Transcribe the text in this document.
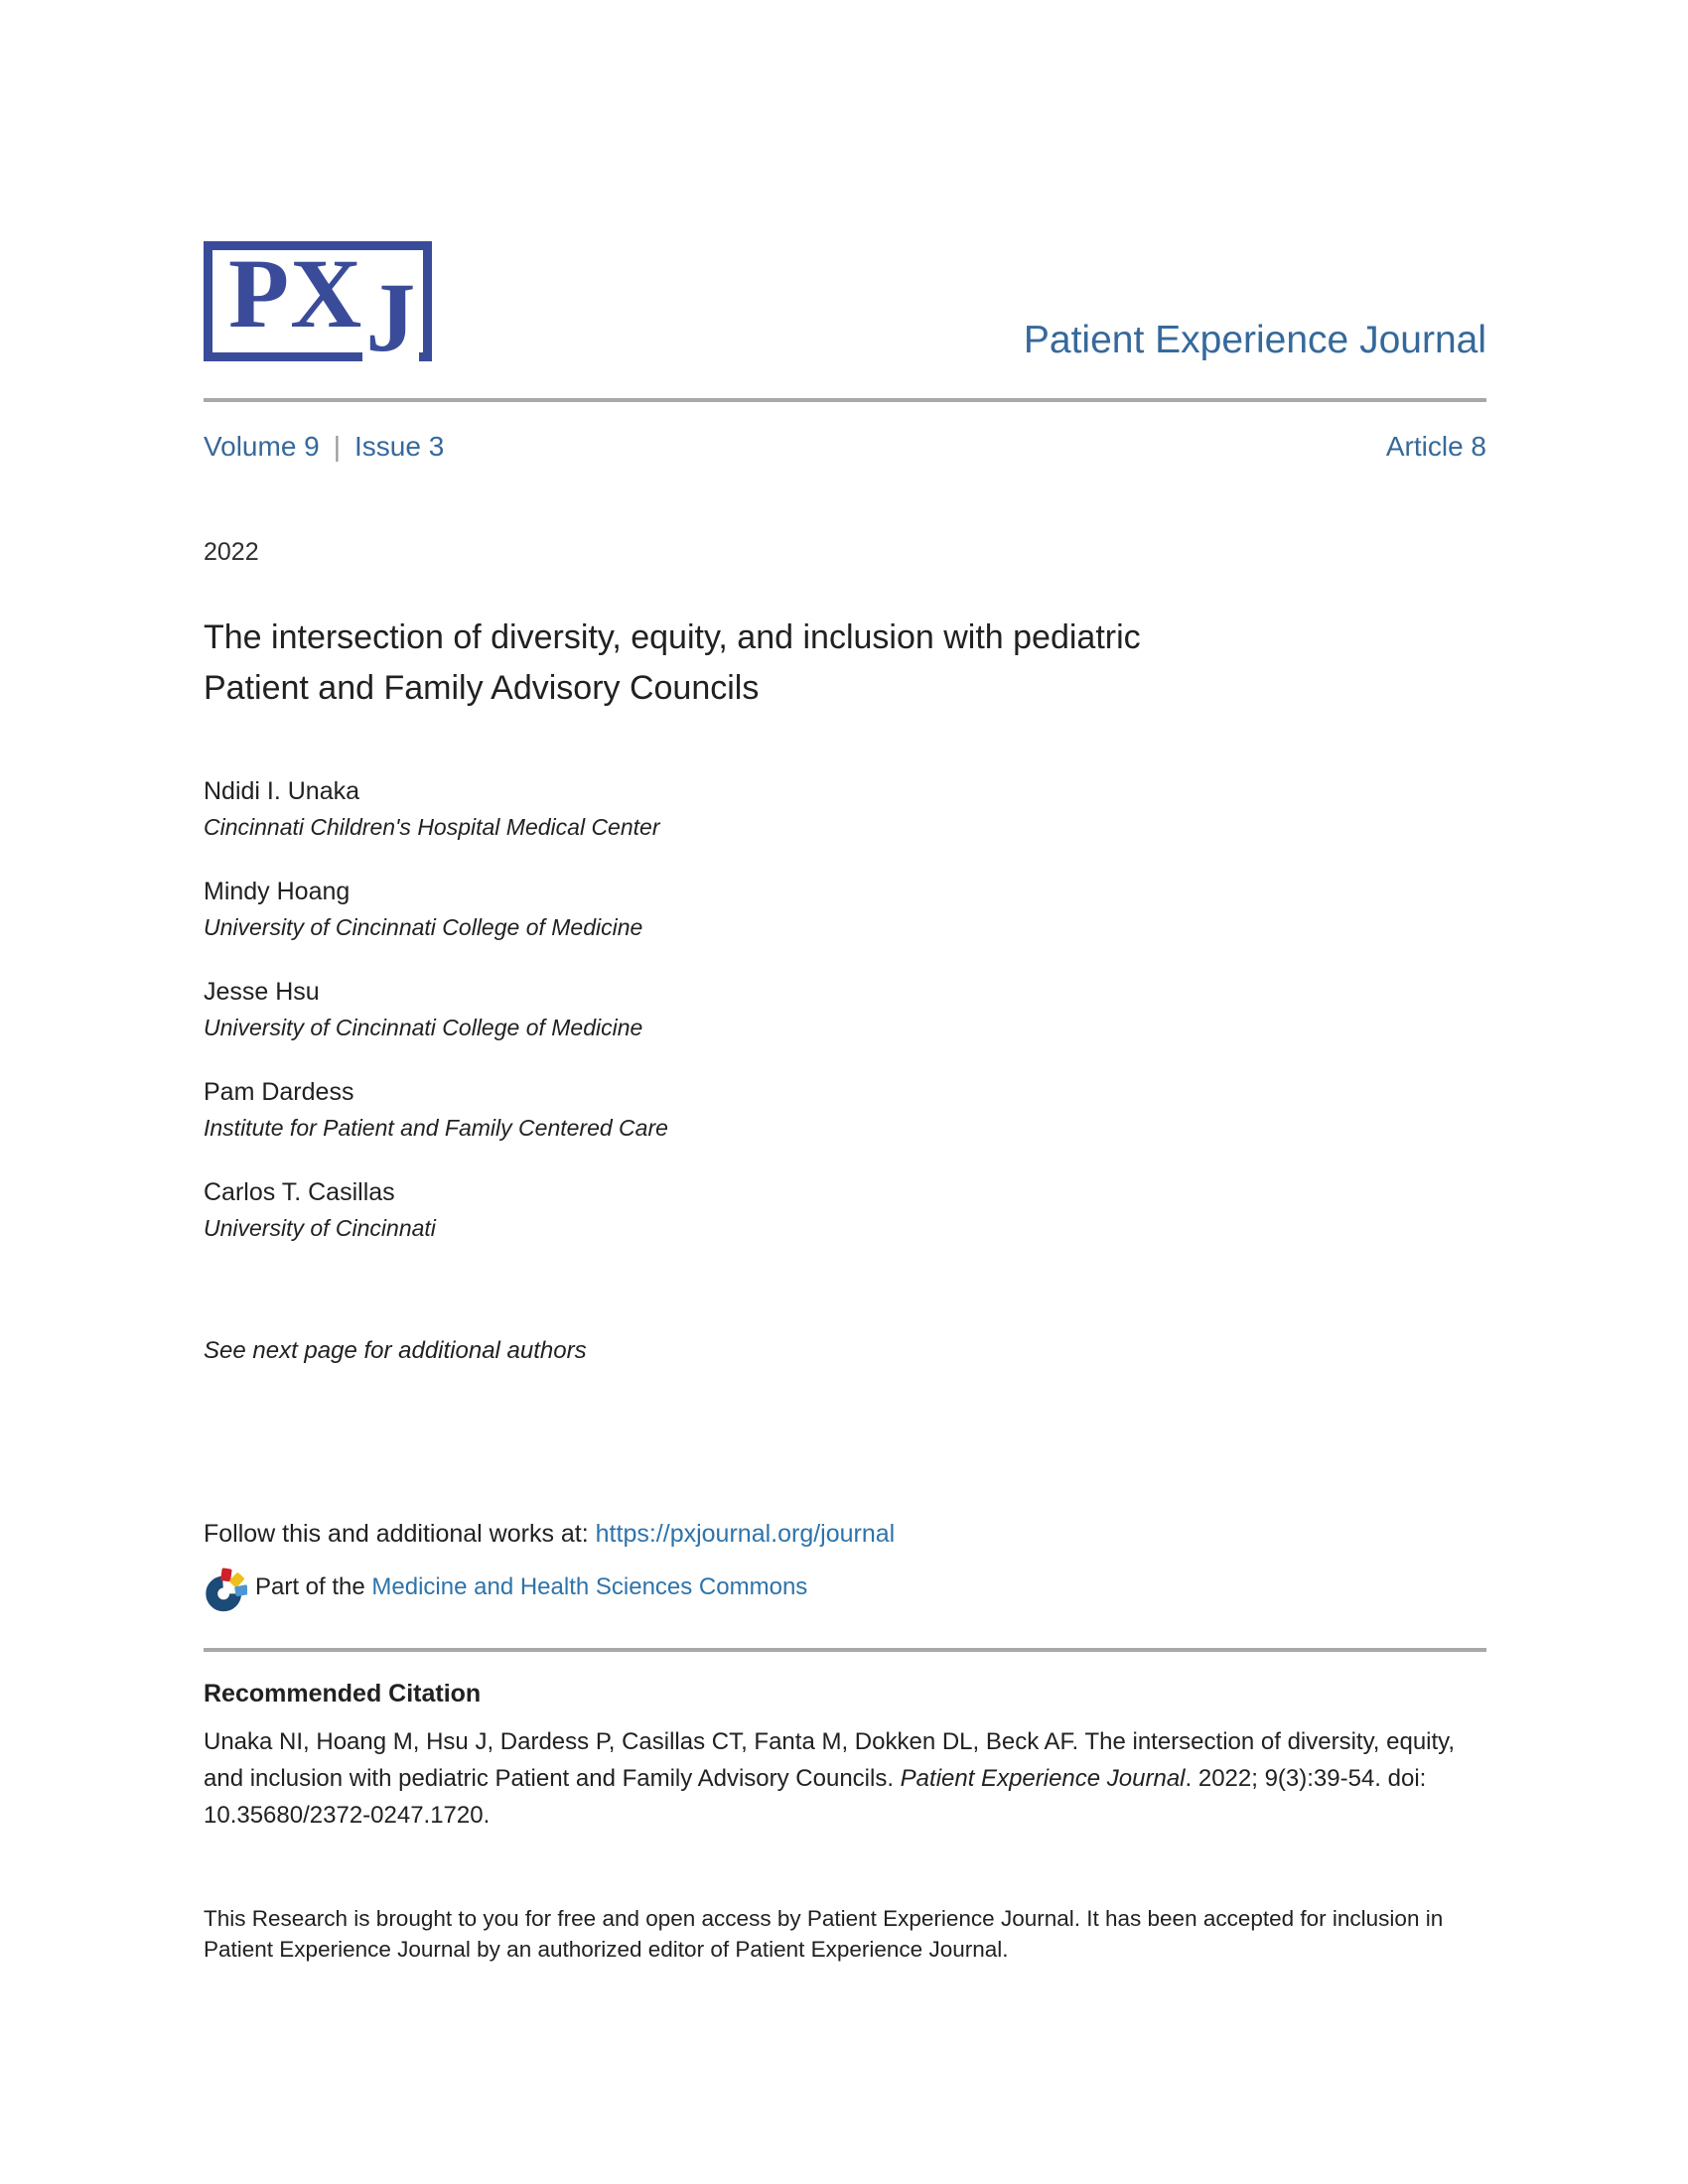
PXJ	Patient Experience Journal
Volume 9 | Issue 3	Article 8
2022
The intersection of diversity, equity, and inclusion with pediatric
Patient and Family Advisory Councils
Ndidi I. Unaka
Cincinnati Children's Hospital Medical Center
Mindy Hoang
University of Cincinnati College of Medicine
Jesse Hsu
University of Cincinnati College of Medicine
Pam Dardess
Institute for Patient and Family Centered Care
Carlos T. Casillas
University of Cincinnati
See next page for additional authors
Follow this and additional works at: https://pxjournal.org/journal
Part of the Medicine and Health Sciences Commons
Recommended Citation
Unaka NI, Hoang M, Hsu J, Dardess P, Casillas CT, Fanta M, Dokken DL, Beck AF. The intersection of diversity, equity, and inclusion with pediatric Patient and Family Advisory Councils. Patient Experience Journal. 2022; 9(3):39-54. doi: 10.35680/2372-0247.1720.
This Research is brought to you for free and open access by Patient Experience Journal. It has been accepted for inclusion in Patient Experience Journal by an authorized editor of Patient Experience Journal.
